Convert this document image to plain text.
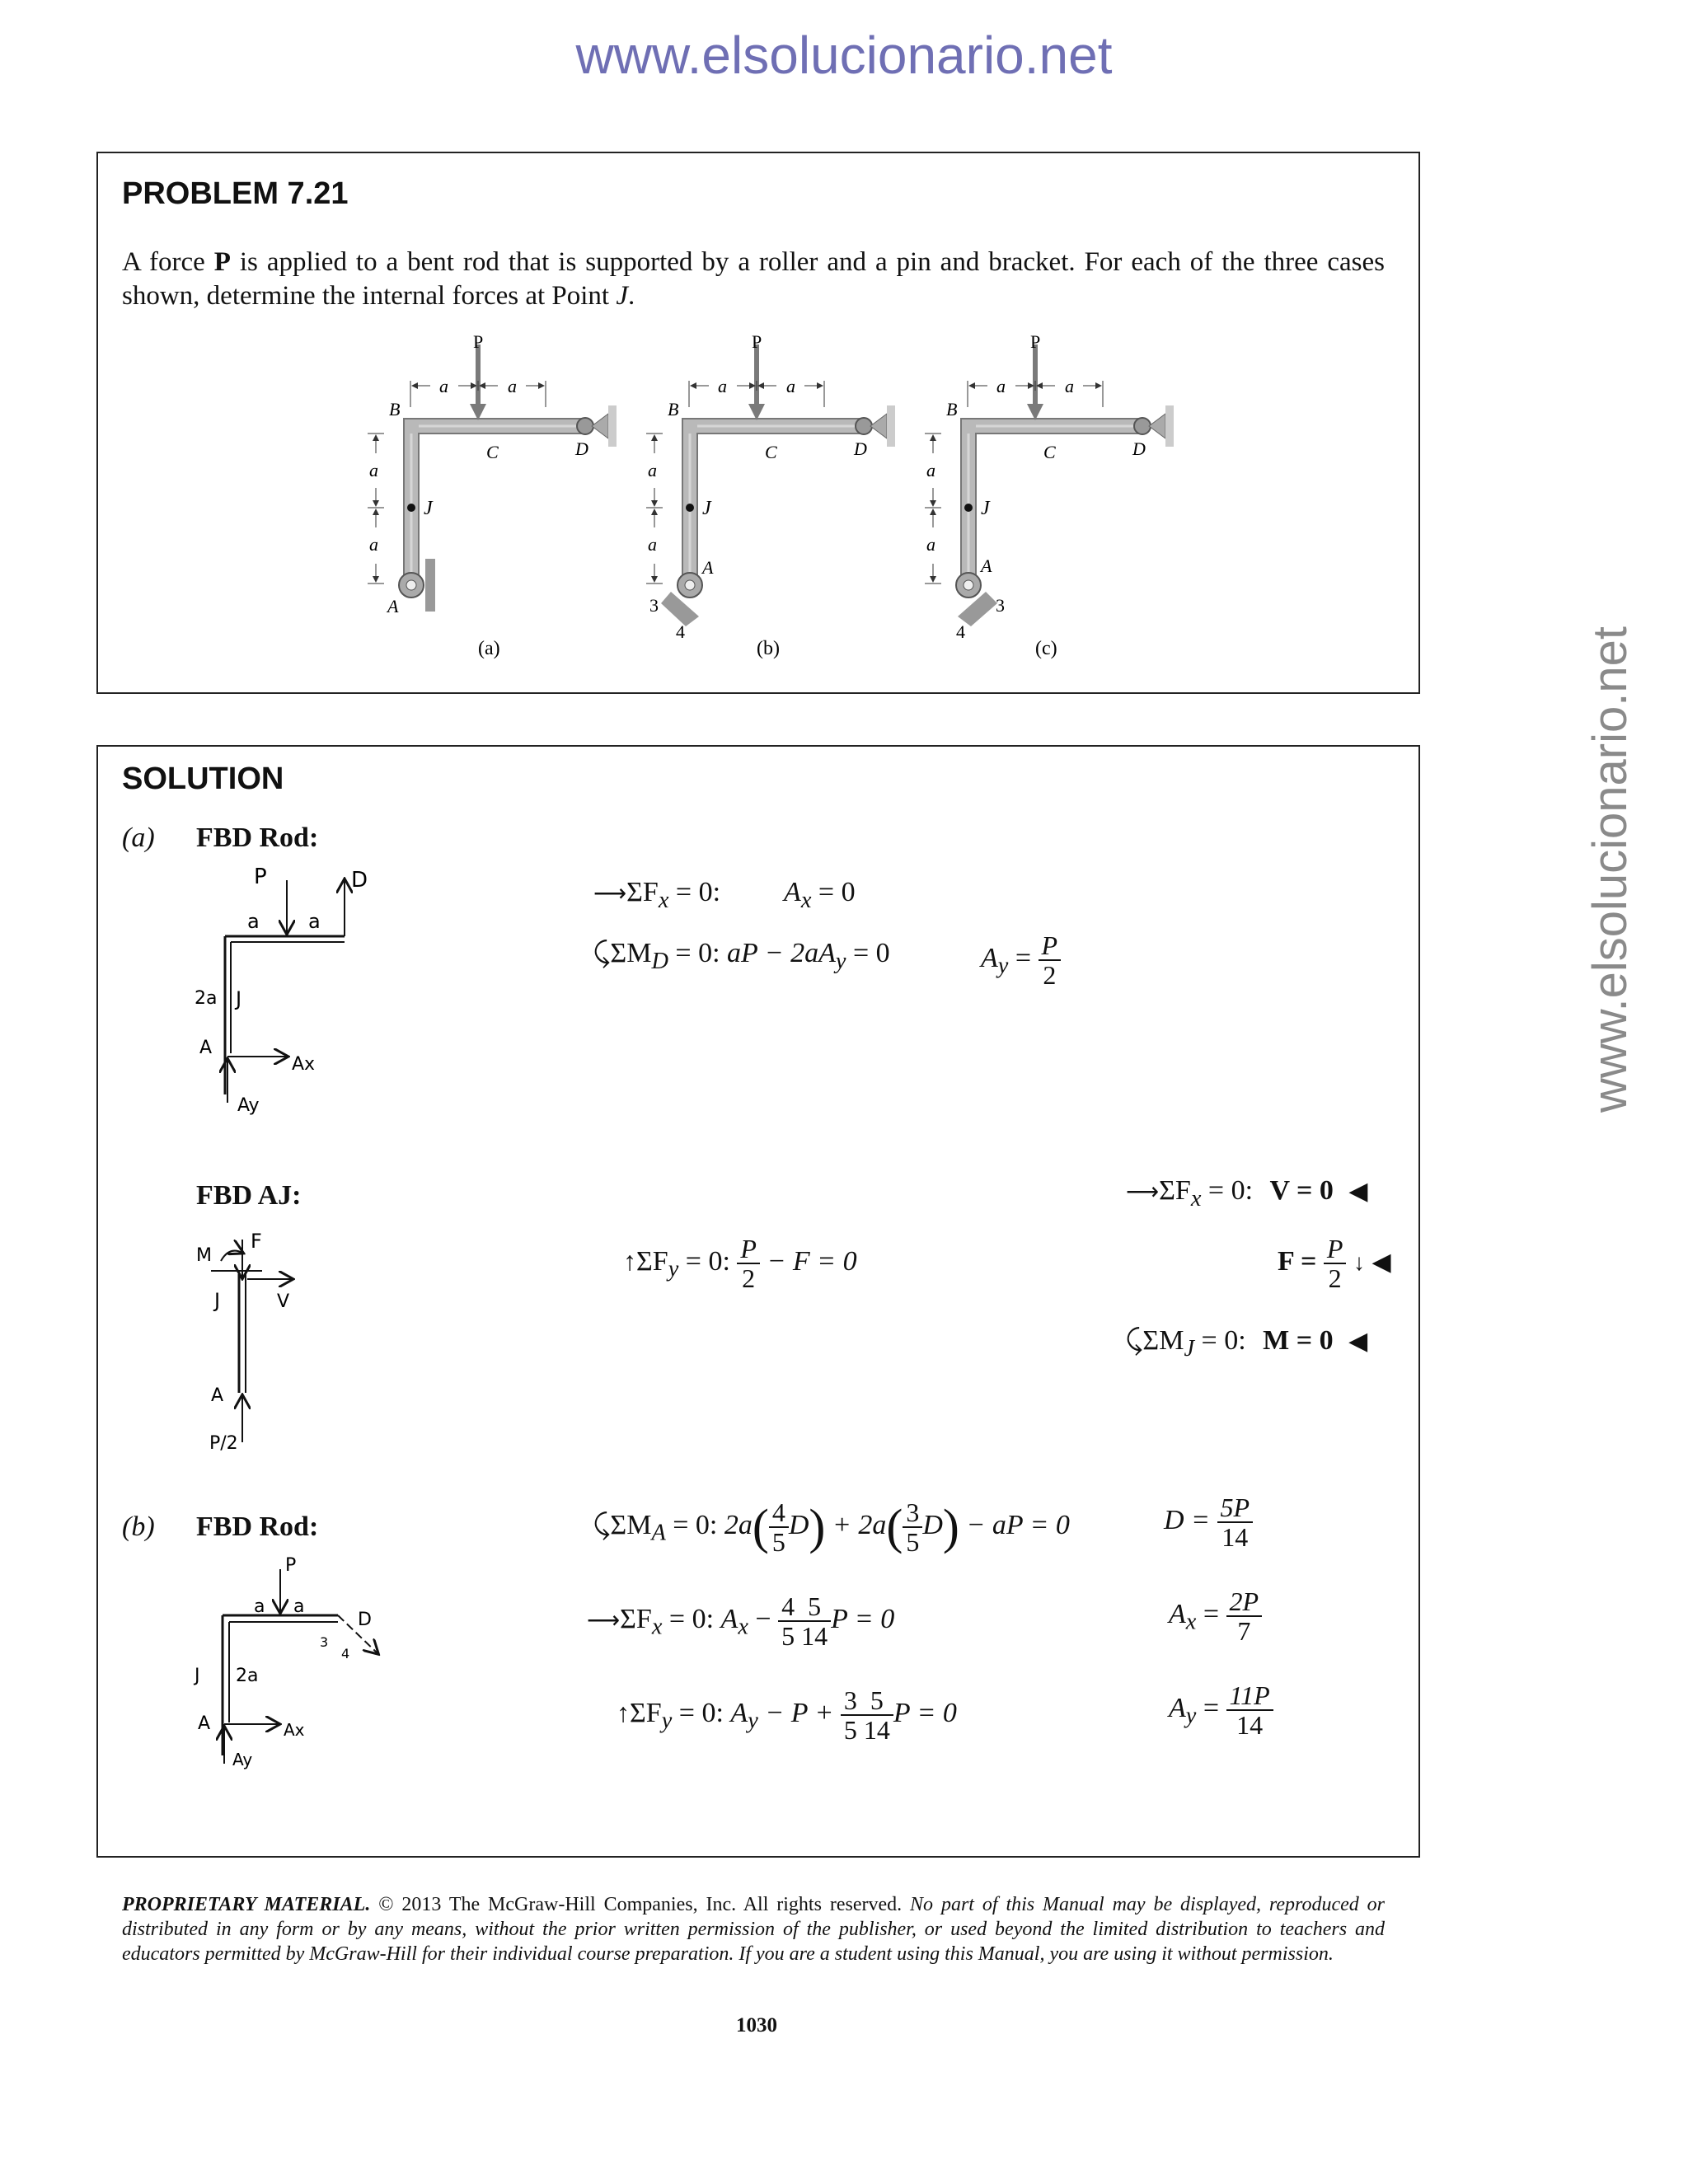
www.elsolucionario.net
www.elsolucionario.net
PROBLEM 7.21
A force P is applied to a bent rod that is supported by a roller and a pin and bracket. For each of the three cases shown, determine the internal forces at Point J.
P
a	a
B
C	D
J
a
a
A
(a)
P
a	a
B
C	D
J
a
a
A
3
4
(b)
P
a	a
B
C	D
J
a
a
A
3
4
(c)
SOLUTION
(a) FBD Rod:
P	D
a a
2a J
A
Ax
Ay
$⟶\Sigma F_x = 0$: $A_x = 0$
$⤹\Sigma M_D = 0$: aP − $2aA_y = 0$	$A_y = \frac{P}{2}$
FBD AJ:
M
F
J	V
A
P/2
$⟶\Sigma F_x = 0$: V = 0 ◀
$↑\Sigma F_y = 0$: $\frac{P}{2} - F = 0$	$F = \frac{P}{2}$ ↓ ◀
$⤹\Sigma M_J = 0$: M = 0 ◀
(b) FBD Rod:
P
a a
D
3
4
J 2a
A	Ax
Ay
$⤹\Sigma M_A = 0$: $2a( \frac{4}{5} D) + 2a( \frac{3}{5} D)$ − aP = 0	$D = \frac{5P}{14}$
$⟶\Sigma F_x = 0$: $A_x - \frac{4}{5} \frac{5}{14}$ P = 0	$A_x = \frac{2P}{7}$
$↑\Sigma F_y = 0$: $A_y - P + \frac{3}{5} \frac{5}{14}$ P = 0	$A_y = \frac{11P}{14}$
PROPRIETARY MATERIAL. © 2013 The McGraw-Hill Companies, Inc. All rights reserved. No part of this Manual may be displayed, reproduced or distributed in any form or by any means, without the prior written permission of the publisher, or used beyond the limited distribution to teachers and educators permitted by McGraw-Hill for their individual course preparation. If you are a student using this Manual, you are using it without permission.
1030
